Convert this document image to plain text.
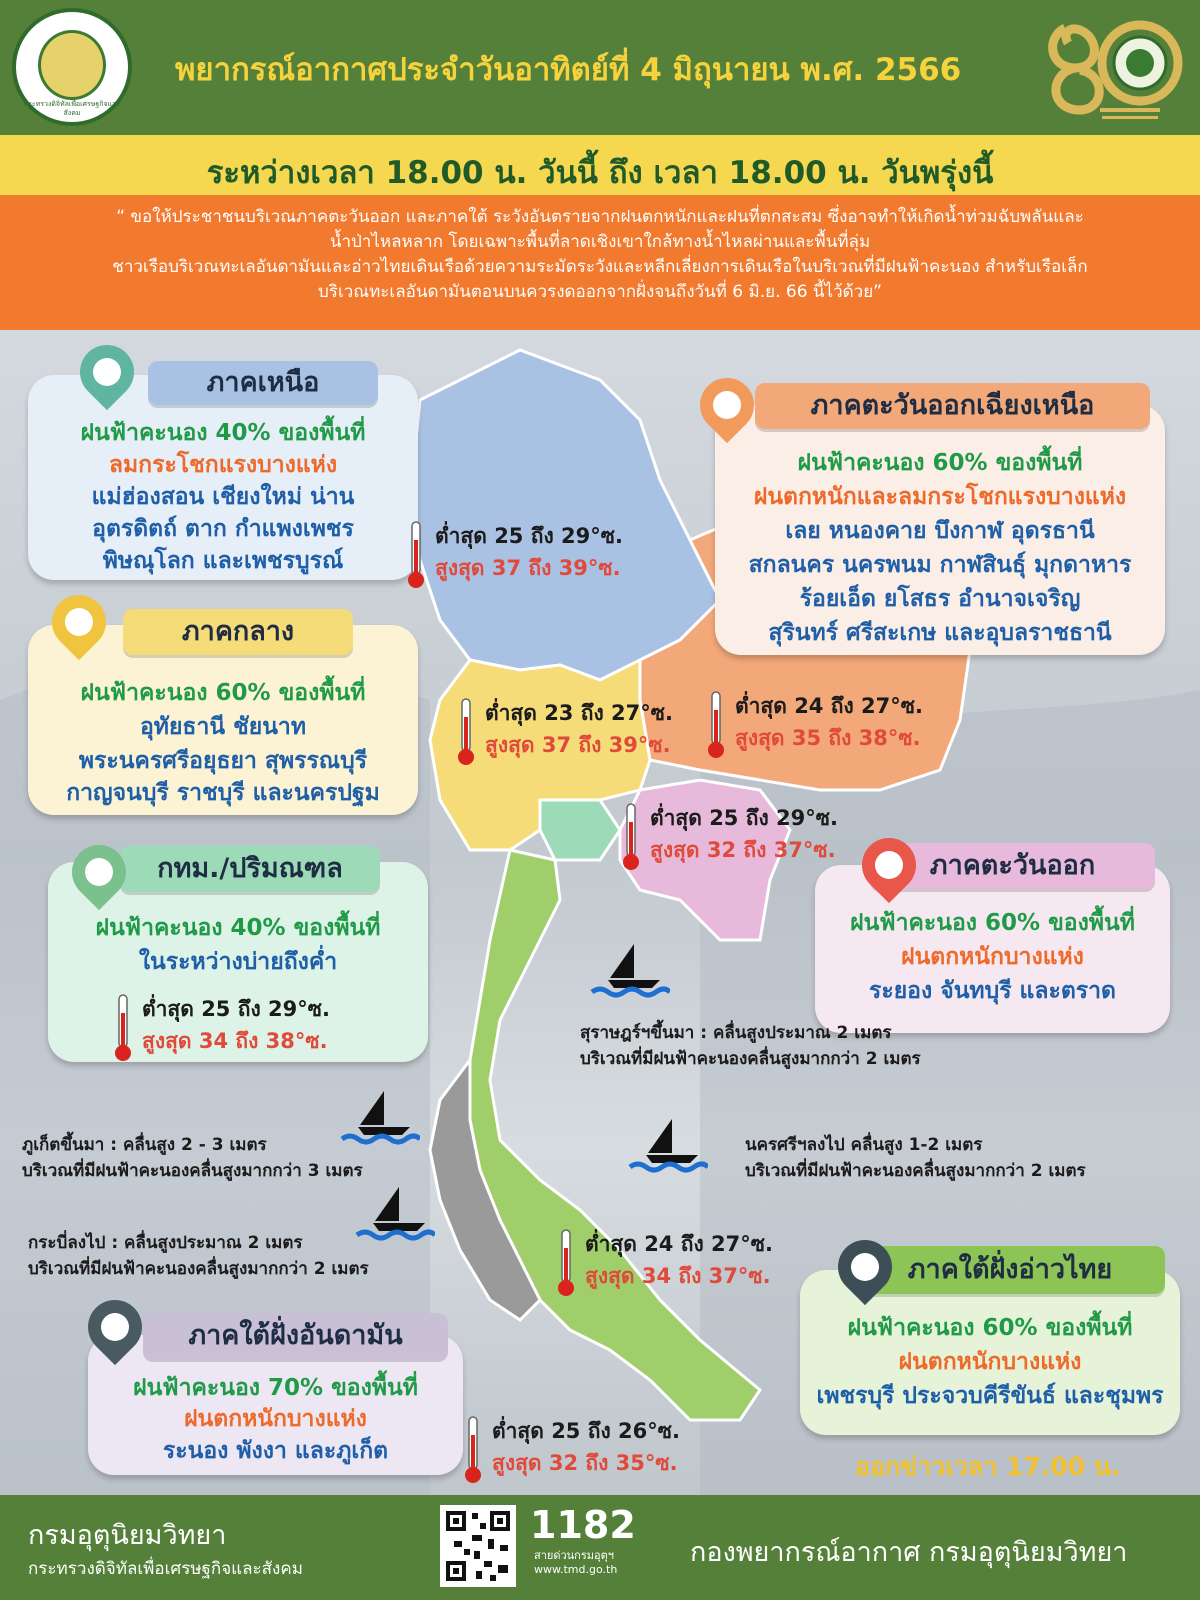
กระทรวงดิจิทัลเพื่อเศรษฐกิจและสังคม
พยากรณ์อากาศประจำวันอาทิตย์ที่ 4 มิถุนายน พ.ศ. 2566
ระหว่างเวลา 18.00 น. วันนี้ ถึง เวลา 18.00 น. วันพรุ่งนี้

“ ขอให้ประชาชนบริเวณภาคตะวันออก และภาคใต้ ระวังอันตรายจากฝนตกหนักและฝนที่ตกสะสม ซึ่งอาจทำให้เกิดน้ำท่วมฉับพลันและ

น้ำป่าไหลหลาก โดยเฉพาะพื้นที่ลาดเชิงเขาใกล้ทางน้ำไหลผ่านและพื้นที่ลุ่ม

ชาวเรือบริเวณทะเลอันดามันและอ่าวไทยเดินเรือด้วยความระมัดระวังและหลีกเลี่ยงการเดินเรือในบริเวณที่มีฝนฟ้าคะนอง สำหรับเรือเล็ก

บริเวณทะเลอันดามันตอนบนควรงดออกจากฝั่งจนถึงวันที่ 6 มิ.ย. 66 นี้ไว้ด้วย”

ภาคเหนือ
ฝนฟ้าคะนอง 40% ของพื้นที่
ลมกระโชกแรงบางแห่ง
แม่ฮ่องสอน เชียงใหม่ น่าน
อุตรดิตถ์ ตาก กำแพงเพชร
พิษณุโลก และเพชรบูรณ์
ภาคตะวันออกเฉียงเหนือ
ฝนฟ้าคะนอง 60% ของพื้นที่
ฝนตกหนักและลมกระโชกแรงบางแห่ง
เลย หนองคาย บึงกาฬ อุดรธานี
สกลนคร นครพนม กาฬสินธุ์ มุกดาหาร
ร้อยเอ็ด ยโสธร อำนาจเจริญ
สุรินทร์ ศรีสะเกษ และอุบลราชธานี
ภาคกลาง
ฝนฟ้าคะนอง 60% ของพื้นที่
อุทัยธานี ชัยนาท
พระนครศรีอยุธยา สุพรรณบุรี
กาญจนบุรี ราชบุรี และนครปฐม
กทม./ปริมณฑล
ฝนฟ้าคะนอง 40% ของพื้นที่
ในระหว่างบ่ายถึงค่ำ
ภาคตะวันออก
ฝนฟ้าคะนอง 60% ของพื้นที่
ฝนตกหนักบางแห่ง
ระยอง จันทบุรี และตราด
ภาคใต้ฝั่งอ่าวไทย
ฝนฟ้าคะนอง 60% ของพื้นที่
ฝนตกหนักบางแห่ง
เพชรบุรี ประจวบคีรีขันธ์ และชุมพร
ภาคใต้ฝั่งอันดามัน
ฝนฟ้าคะนอง 70% ของพื้นที่
ฝนตกหนักบางแห่ง
ระนอง พังงา และภูเก็ต
ต่ำสุด 25 ถึง 29°ซ.
สูงสุด 37 ถึง 39°ซ.
ต่ำสุด 24 ถึง 27°ซ.
สูงสุด 35 ถึง 38°ซ.
ต่ำสุด 23 ถึง 27°ซ.
สูงสุด 37 ถึง 39°ซ.
ต่ำสุด 25 ถึง 29°ซ.
สูงสุด 32 ถึง 37°ซ.
ต่ำสุด 25 ถึง 29°ซ.
สูงสุด 34 ถึง 38°ซ.
ต่ำสุด 24 ถึง 27°ซ.
สูงสุด 34 ถึง 37°ซ.
ต่ำสุด 25 ถึง 26°ซ.
สูงสุด 32 ถึง 35°ซ.
สุราษฎร์ฯขึ้นมา : คลื่นสูงประมาณ 2 เมตร
บริเวณที่มีฝนฟ้าคะนองคลื่นสูงมากกว่า 2 เมตร
ภูเก็ตขึ้นมา : คลื่นสูง 2 - 3 เมตร
บริเวณที่มีฝนฟ้าคะนองคลื่นสูงมากกว่า 3 เมตร
นครศรีฯลงไป คลื่นสูง 1-2 เมตร
บริเวณที่มีฝนฟ้าคะนองคลื่นสูงมากกว่า 2 เมตร
กระบี่ลงไป : คลื่นสูงประมาณ 2 เมตร
บริเวณที่มีฝนฟ้าคะนองคลื่นสูงมากกว่า 2 เมตร
ออกข่าวเวลา 17.00 น.
กรมอุตุนิยมวิทยา
กระทรวงดิจิทัลเพื่อเศรษฐกิจและสังคม
1182
สายด่วนกรมอุตุฯ
www.tmd.go.th
กองพยากรณ์อากาศ กรมอุตุนิยมวิทยา
